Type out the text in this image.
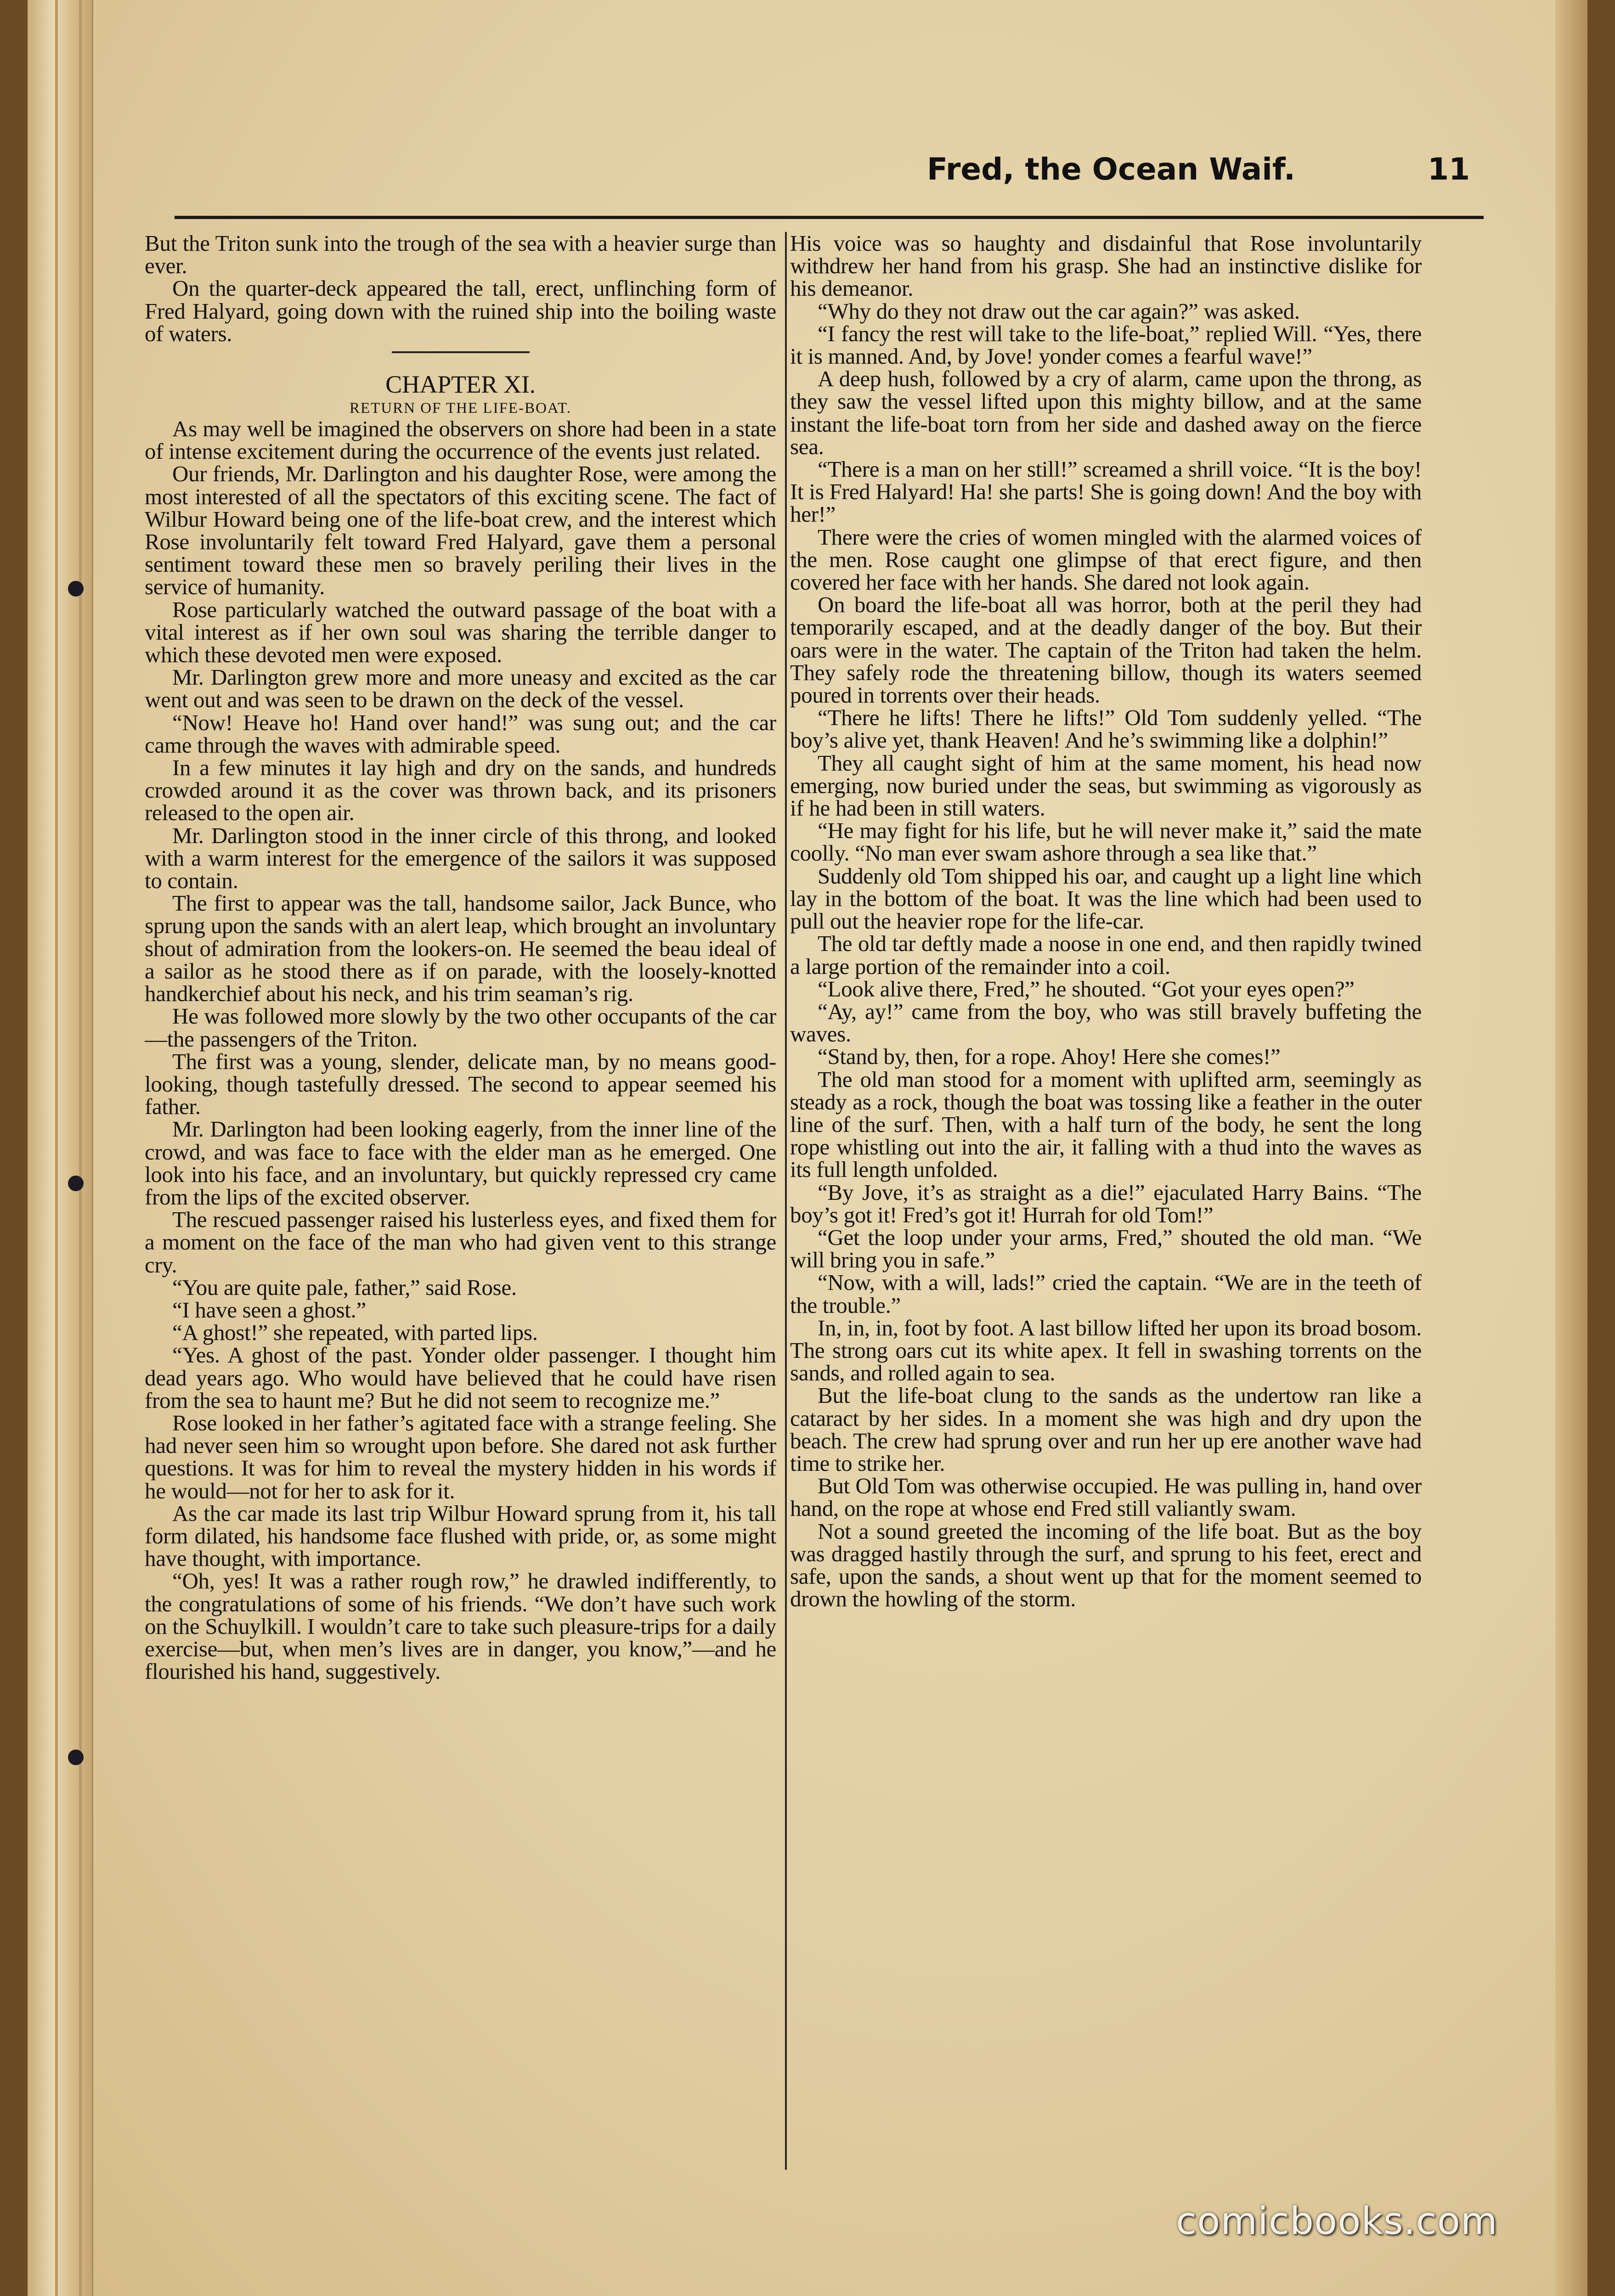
Fred, the Ocean Waif.	11

But the Triton sunk into the trough of the sea with a heavier surge than ever.

On the quarter-deck appeared the tall, erect, unflinching form of Fred Halyard, going down with the ruined ship into the boiling waste of waters.

CHAPTER XI.

RETURN OF THE LIFE-BOAT.

As may well be imagined the observers on shore had been in a state of intense excitement during the occurrence of the events just related.

Our friends, Mr. Darlington and his daughter Rose, were among the most interested of all the spectators of this exciting scene. The fact of Wilbur Howard being one of the life-boat crew, and the interest which Rose involuntarily felt toward Fred Halyard, gave them a personal sentiment toward these men so bravely periling their lives in the service of humanity.

Rose particularly watched the outward passage of the boat with a vital interest as if her own soul was sharing the terrible danger to which these devoted men were exposed.

Mr. Darlington grew more and more uneasy and excited as the car went out and was seen to be drawn on the deck of the vessel.

“Now! Heave ho! Hand over hand!” was sung out; and the car came through the waves with admirable speed.

In a few minutes it lay high and dry on the sands, and hundreds crowded around it as the cover was thrown back, and its prisoners released to the open air.

Mr. Darlington stood in the inner circle of this throng, and looked with a warm interest for the emergence of the sailors it was supposed to contain.

The first to appear was the tall, handsome sailor, Jack Bunce, who sprung upon the sands with an alert leap, which brought an involuntary shout of admiration from the lookers-on. He seemed the beau ideal of a sailor as he stood there as if on parade, with the loosely-knotted handkerchief about his neck, and his trim seaman’s rig.

He was followed more slowly by the two other occupants of the car—the passengers of the Triton.

The first was a young, slender, delicate man, by no means good-looking, though tastefully dressed. The second to appear seemed his father.

Mr. Darlington had been looking eagerly, from the inner line of the crowd, and was face to face with the elder man as he emerged. One look into his face, and an involuntary, but quickly repressed cry came from the lips of the excited observer.

The rescued passenger raised his lusterless eyes, and fixed them for a moment on the face of the man who had given vent to this strange cry.

“You are quite pale, father,” said Rose.

“I have seen a ghost.”

“A ghost!” she repeated, with parted lips.

“Yes. A ghost of the past. Yonder older passenger. I thought him dead years ago. Who would have believed that he could have risen from the sea to haunt me? But he did not seem to recognize me.”

Rose looked in her father’s agitated face with a strange feeling. She had never seen him so wrought upon before. She dared not ask further questions. It was for him to reveal the mystery hidden in his words if he would—not for her to ask for it.

As the car made its last trip Wilbur Howard sprung from it, his tall form dilated, his handsome face flushed with pride, or, as some might have thought, with importance.

“Oh, yes! It was a rather rough row,” he drawled indifferently, to the congratulations of some of his friends. “We don’t have such work on the Schuylkill. I wouldn’t care to take such pleasure-trips for a daily exercise—but, when men’s lives are in danger, you know,”—and he flourished his hand, suggestively.

His voice was so haughty and disdainful that Rose involuntarily withdrew her hand from his grasp. She had an instinctive dislike for his demeanor.

“Why do they not draw out the car again?” was asked.

“I fancy the rest will take to the life-boat,” replied Will. “Yes, there it is manned. And, by Jove! yonder comes a fearful wave!”

A deep hush, followed by a cry of alarm, came upon the throng, as they saw the vessel lifted upon this mighty billow, and at the same instant the life-boat torn from her side and dashed away on the fierce sea.

“There is a man on her still!” screamed a shrill voice. “It is the boy! It is Fred Halyard! Ha! she parts! She is going down! And the boy with her!”

There were the cries of women mingled with the alarmed voices of the men. Rose caught one glimpse of that erect figure, and then covered her face with her hands. She dared not look again.

On board the life-boat all was horror, both at the peril they had temporarily escaped, and at the deadly danger of the boy. But their oars were in the water. The captain of the Triton had taken the helm. They safely rode the threatening billow, though its waters seemed poured in torrents over their heads.

“There he lifts! There he lifts!” Old Tom suddenly yelled. “The boy’s alive yet, thank Heaven! And he’s swimming like a dolphin!”

They all caught sight of him at the same moment, his head now emerging, now buried under the seas, but swimming as vigorously as if he had been in still waters.

“He may fight for his life, but he will never make it,” said the mate coolly. “No man ever swam ashore through a sea like that.”

Suddenly old Tom shipped his oar, and caught up a light line which lay in the bottom of the boat. It was the line which had been used to pull out the heavier rope for the life-car.

The old tar deftly made a noose in one end, and then rapidly twined a large portion of the remainder into a coil.

“Look alive there, Fred,” he shouted. “Got your eyes open?”

“Ay, ay!” came from the boy, who was still bravely buffeting the waves.

“Stand by, then, for a rope. Ahoy! Here she comes!”

The old man stood for a moment with uplifted arm, seemingly as steady as a rock, though the boat was tossing like a feather in the outer line of the surf. Then, with a half turn of the body, he sent the long rope whistling out into the air, it falling with a thud into the waves as its full length unfolded.

“By Jove, it’s as straight as a die!” ejaculated Harry Bains. “The boy’s got it! Fred’s got it! Hurrah for old Tom!”

“Get the loop under your arms, Fred,” shouted the old man. “We will bring you in safe.”

“Now, with a will, lads!” cried the captain. “We are in the teeth of the trouble.”

In, in, in, foot by foot. A last billow lifted her upon its broad bosom. The strong oars cut its white apex. It fell in swashing torrents on the sands, and rolled again to sea.

But the life-boat clung to the sands as the undertow ran like a cataract by her sides. In a moment she was high and dry upon the beach. The crew had sprung over and run her up ere another wave had time to strike her.

But Old Tom was otherwise occupied. He was pulling in, hand over hand, on the rope at whose end Fred still valiantly swam.

Not a sound greeted the incoming of the life boat. But as the boy was dragged hastily through the surf, and sprung to his feet, erect and safe, upon the sands, a shout went up that for the moment seemed to drown the howling of the storm.

comicbooks.com
